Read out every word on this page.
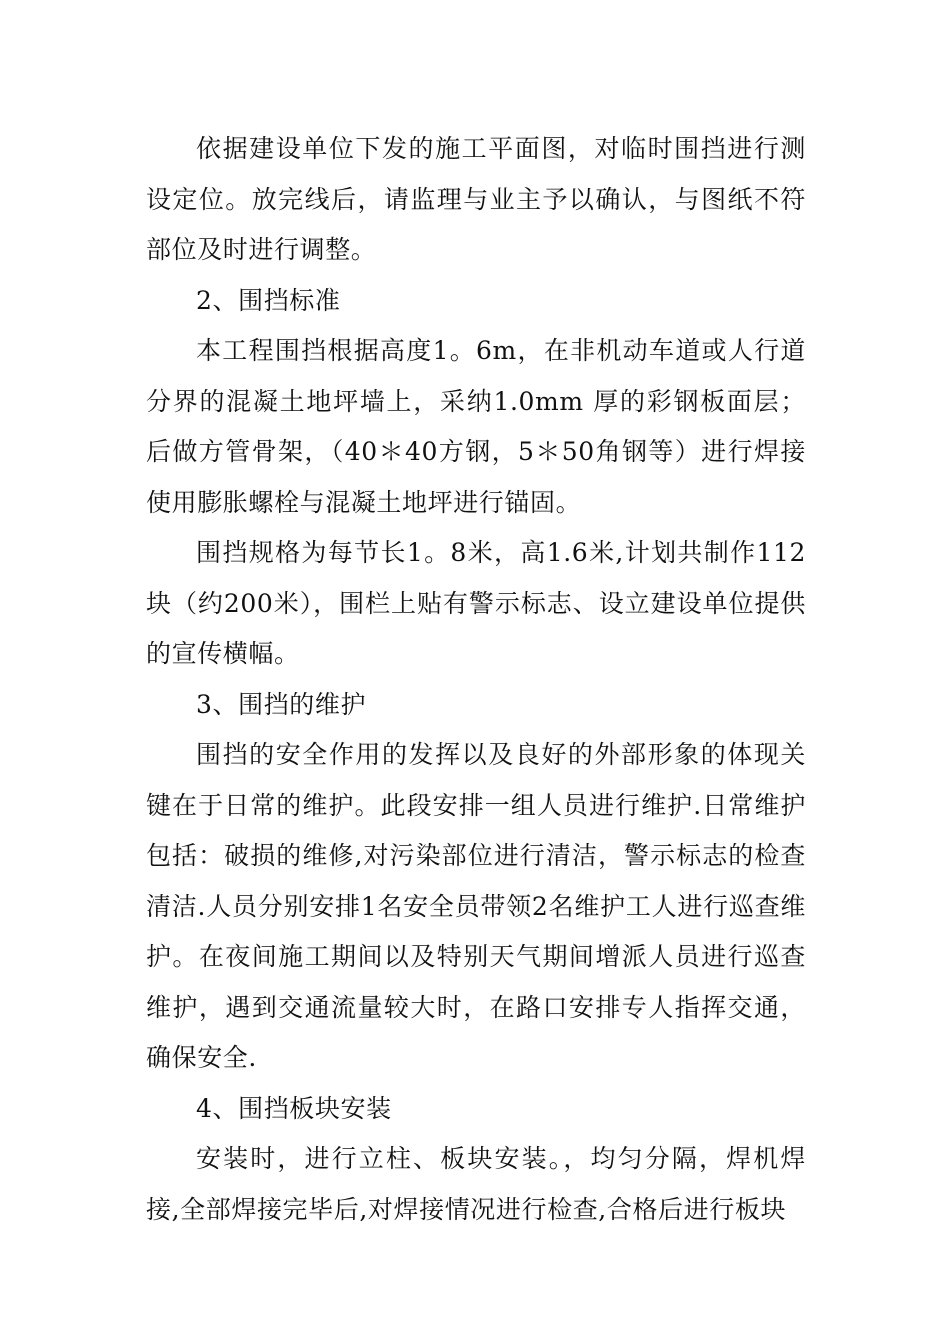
依据建设单位下发的施工平面图，对临时围挡进行测设定位。放完线后，请监理与业主予以确认，与图纸不符部位及时进行调整。

2、围挡标准

本工程围挡根据高度1。6m，在非机动车道或人行道分界的混凝土地坪墙上，采纳1.0mm 厚的彩钢板面层；后做方管骨架，（40＊40方钢，5＊50角钢等）进行焊接使用膨胀螺栓与混凝土地坪进行锚固。

围挡规格为每节长1。8米，高1.6米,计划共制作112块（约200米），围栏上贴有警示标志、设立建设单位提供的宣传横幅。

3、围挡的维护

围挡的安全作用的发挥以及良好的外部形象的体现关键在于日常的维护。此段安排一组人员进行维护.日常维护包括：破损的维修,对污染部位进行清洁，警示标志的检查清洁.人员分别安排1名安全员带领2名维护工人进行巡查维护。在夜间施工期间以及特别天气期间增派人员进行巡查维护，遇到交通流量较大时，在路口安排专人指挥交通，确保安全.

4、围挡板块安装

安装时，进行立柱、板块安装。，均匀分隔，焊机焊接,全部焊接完毕后,对焊接情况进行检查,合格后进行板块
